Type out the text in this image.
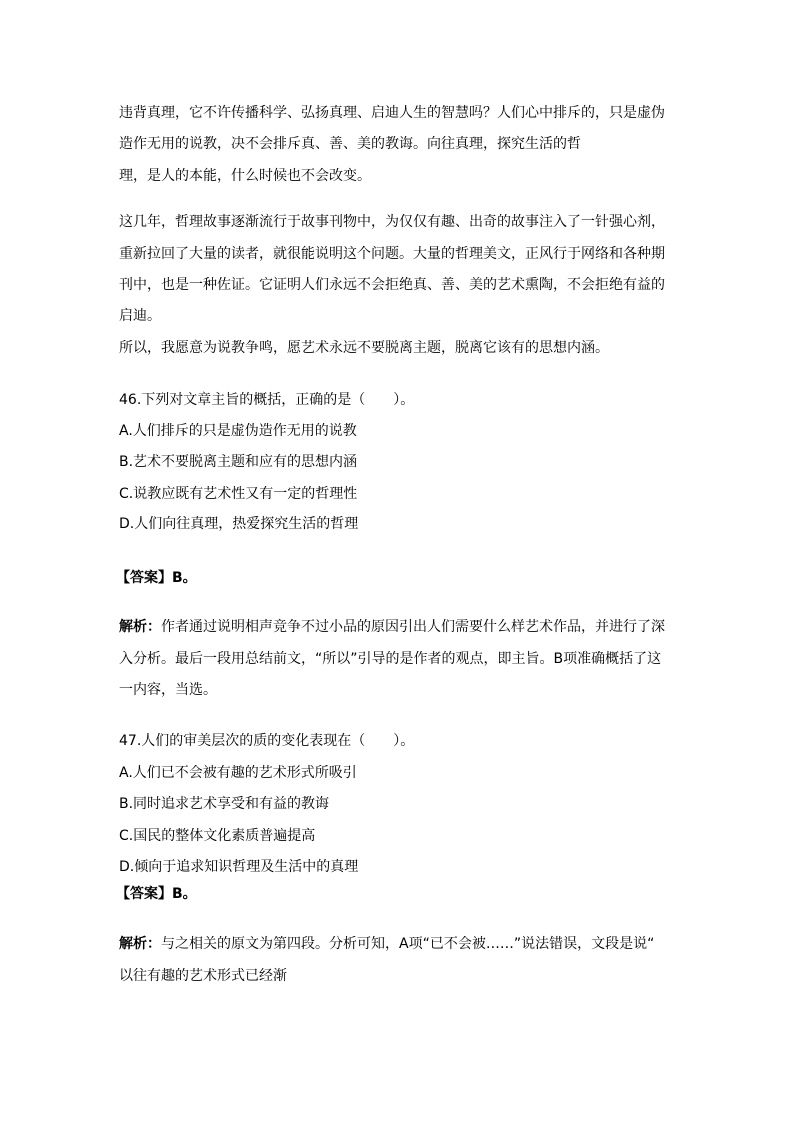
违背真理，它不许传播科学、弘扬真理、启迪人生的智慧吗？人们心中排斥的，只是虚伪
造作无用的说教，决不会排斥真、善、美的教诲。向往真理，探究生活的哲
理，是人的本能，什么时候也不会改变。
这几年，哲理故事逐渐流行于故事刊物中，为仅仅有趣、出奇的故事注入了一针强心剂，
重新拉回了大量的读者，就很能说明这个问题。大量的哲理美文，正风行于网络和各种期
刊中，也是一种佐证。它证明人们永远不会拒绝真、善、美的艺术熏陶，不会拒绝有益的
启迪。
所以，我愿意为说教争鸣，愿艺术永远不要脱离主题，脱离它该有的思想内涵。
46.下列对文章主旨的概括，正确的是（　　）。
A.人们排斥的只是虚伪造作无用的说教
B.艺术不要脱离主题和应有的思想内涵
C.说教应既有艺术性又有一定的哲理性
D.人们向往真理，热爱探究生活的哲理
【答案】B。
解析：作者通过说明相声竞争不过小品的原因引出人们需要什么样艺术作品，并进行了深
入分析。最后一段用总结前文，“所以”引导的是作者的观点，即主旨。B项准确概括了这
一内容，当选。
47.人们的审美层次的质的变化表现在（　　）。
A.人们已不会被有趣的艺术形式所吸引
B.同时追求艺术享受和有益的教诲
C.国民的整体文化素质普遍提高
D.倾向于追求知识哲理及生活中的真理
【答案】B。
解析：与之相关的原文为第四段。分析可知，A项“已不会被……”说法错误，文段是说“
以往有趣的艺术形式已经渐
